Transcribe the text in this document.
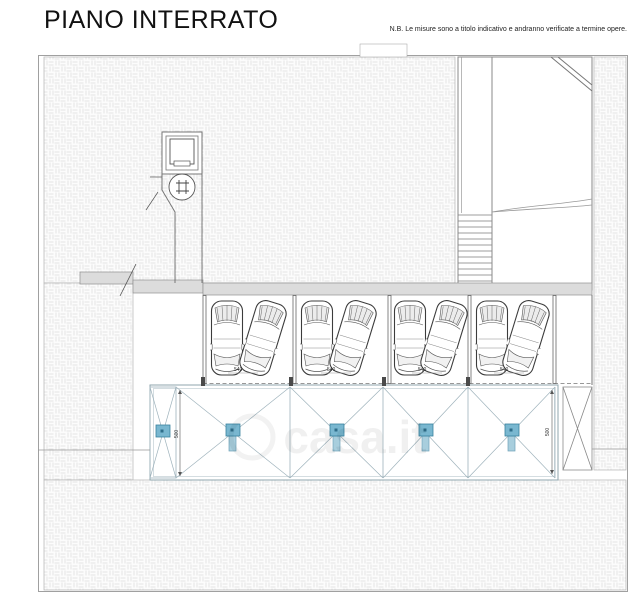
PIANO INTERRATO	N.B. Le misure sono a titolo indicativo e andranno verificate a termine opere.
540	540	540	540
500	500
casa.it
